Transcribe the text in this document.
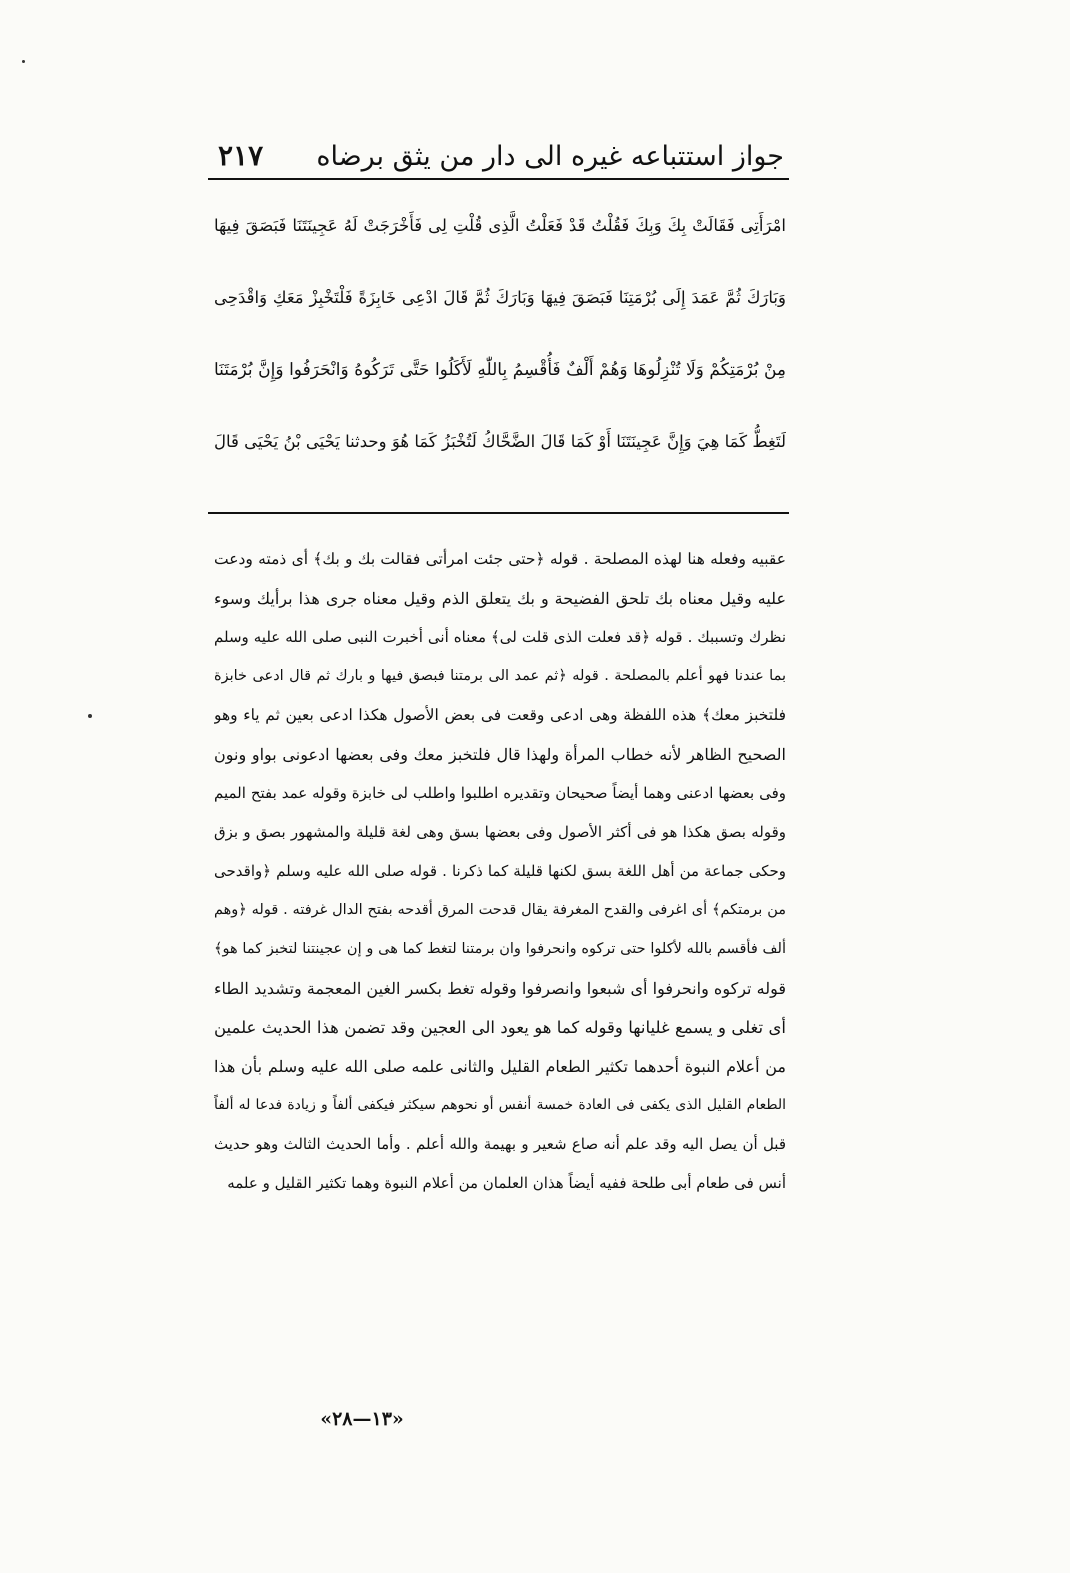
جواز استتباعه غيره الى دار من يثق برضاه
٢١٧
امْرَأَتِى فَقَالَتْ بِكَ وَبِكَ فَقُلْتُ قَدْ فَعَلْتُ الَّذِى قُلْتِ لِى فَأَخْرَجَتْ لَهُ عَجِينَتَنَا فَبَصَقَ فِيهَا
وَبَارَكَ ثُمَّ عَمَدَ إِلَى بُرْمَتِنَا فَبَصَقَ فِيهَا وَبَارَكَ ثُمَّ قَالَ ادْعِى خَابِزَةً فَلْتَخْبِزْ مَعَكِ وَاقْدَحِى
مِنْ بُرْمَتِكُمْ وَلَا تُنْزِلُوهَا وَهُمْ أَلْفٌ فَأُقْسِمُ بِاللّٰهِ لَأَكَلُوا حَتَّى تَرَكُوهُ وَانْحَرَفُوا وَإِنَّ بُرْمَتَنَا
لَتَغِطُّ كَمَا هِيَ وَإِنَّ عَجِينَتَنَا أَوْ كَمَا قَالَ الضَّحَّاكُ لَتُخْبَزُ كَمَا هُوَ وحدثنا يَحْيَى بْنُ يَحْيَى قَالَ
عقبيه وفعله هنا لهذه المصلحة . قوله ﴿حتى جئت امرأتى فقالت بك و بك﴾ أى ذمته ودعت
عليه وقيل معناه بك تلحق الفضيحة و بك يتعلق الذم وقيل معناه جرى هذا برأيك وسوء
نظرك وتسببك . قوله ﴿قد فعلت الذى قلت لى﴾ معناه أنى أخبرت النبى صلى الله عليه وسلم
بما عندنا فهو أعلم بالمصلحة . قوله ﴿ثم عمد الى برمتنا فبصق فيها و بارك ثم قال ادعى خابزة
فلتخبز معك﴾ هذه اللفظة وهى ادعى وقعت فى بعض الأصول هكذا ادعى بعين ثم ياء وهو
الصحيح الظاهر لأنه خطاب المرأة ولهذا قال فلتخبز معك وفى بعضها ادعونى بواو ونون
وفى بعضها ادعنى وهما أيضاً صحيحان وتقديره اطلبوا واطلب لى خابزة وقوله عمد بفتح الميم
وقوله بصق هكذا هو فى أكثر الأصول وفى بعضها بسق وهى لغة قليلة والمشهور بصق و بزق
وحكى جماعة من أهل اللغة بسق لكنها قليلة كما ذكرنا . قوله صلى الله عليه وسلم ﴿واقدحى
من برمتكم﴾ أى اغرفى والقدح المغرفة يقال قدحت المرق أقدحه بفتح الدال غرفته . قوله ﴿وهم
ألف فأقسم بالله لأكلوا حتى تركوه وانحرفوا وان برمتنا لتغط كما هى و إن عجينتنا لتخبز كما هو﴾
قوله تركوه وانحرفوا أى شبعوا وانصرفوا وقوله تغط بكسر الغين المعجمة وتشديد الطاء
أى تغلى و يسمع غليانها وقوله كما هو يعود الى العجين وقد تضمن هذا الحديث علمين
من أعلام النبوة أحدهما تكثير الطعام القليل والثانى علمه صلى الله عليه وسلم بأن هذا
الطعام القليل الذى يكفى فى العادة خمسة أنفس أو نحوهم سيكثر فيكفى ألفاً و زيادة فدعا له ألفاً
قبل أن يصل اليه وقد علم أنه صاع شعير و بهيمة والله أعلم . وأما الحديث الثالث وهو حديث
أنس فى طعام أبى طلحة ففيه أيضاً هذان العلمان من أعلام النبوة وهما تكثير القليل و علمه
«١٣—٢٨»
